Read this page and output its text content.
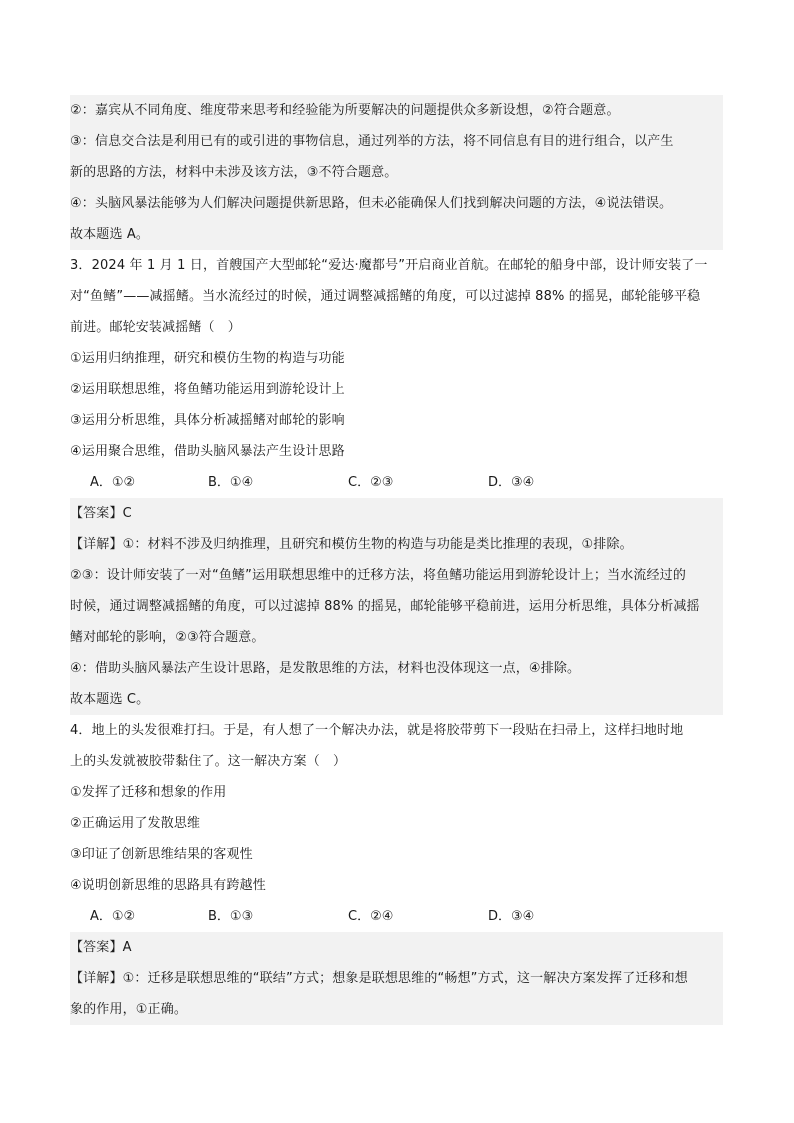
②：嘉宾从不同角度、维度带来思考和经验能为所要解决的问题提供众多新设想，②符合题意。
③：信息交合法是利用已有的或引进的事物信息，通过列举的方法，将不同信息有目的进行组合，以产生
新的思路的方法，材料中未涉及该方法，③不符合题意。
④：头脑风暴法能够为人们解决问题提供新思路，但未必能确保人们找到解决问题的方法，④说法错误。
故本题选 A。
3．2024 年 1 月 1 日，首艘国产大型邮轮“爱达·魔都号”开启商业首航。在邮轮的船身中部，设计师安装了一
对“鱼鳍”——减摇鳍。当水流经过的时候，通过调整减摇鳍的角度，可以过滤掉 88% 的摇晃，邮轮能够平稳
前进。邮轮安装减摇鳍（　）
①运用归纳推理，研究和模仿生物的构造与功能
②运用联想思维，将鱼鳍功能运用到游轮设计上
③运用分析思维，具体分析减摇鳍对邮轮的影响
④运用聚合思维，借助头脑风暴法产生设计思路
A．①②	B．①④	C．②③	D．③④
【答案】C
【详解】①：材料不涉及归纳推理，且研究和模仿生物的构造与功能是类比推理的表现，①排除。
②③：设计师安装了一对“鱼鳍”运用联想思维中的迁移方法，将鱼鳍功能运用到游轮设计上；当水流经过的
时候，通过调整减摇鳍的角度，可以过滤掉 88% 的摇晃，邮轮能够平稳前进，运用分析思维，具体分析减摇
鳍对邮轮的影响，②③符合题意。
④：借助头脑风暴法产生设计思路，是发散思维的方法，材料也没体现这一点，④排除。
故本题选 C。
4．地上的头发很难打扫。于是，有人想了一个解决办法，就是将胶带剪下一段贴在扫帚上，这样扫地时地
上的头发就被胶带黏住了。这一解决方案（　）
①发挥了迁移和想象的作用
②正确运用了发散思维
③印证了创新思维结果的客观性
④说明创新思维的思路具有跨越性
A．①②	B．①③	C．②④	D．③④
【答案】A
【详解】①：迁移是联想思维的“联结”方式；想象是联想思维的“畅想”方式，这一解决方案发挥了迁移和想
象的作用，①正确。
